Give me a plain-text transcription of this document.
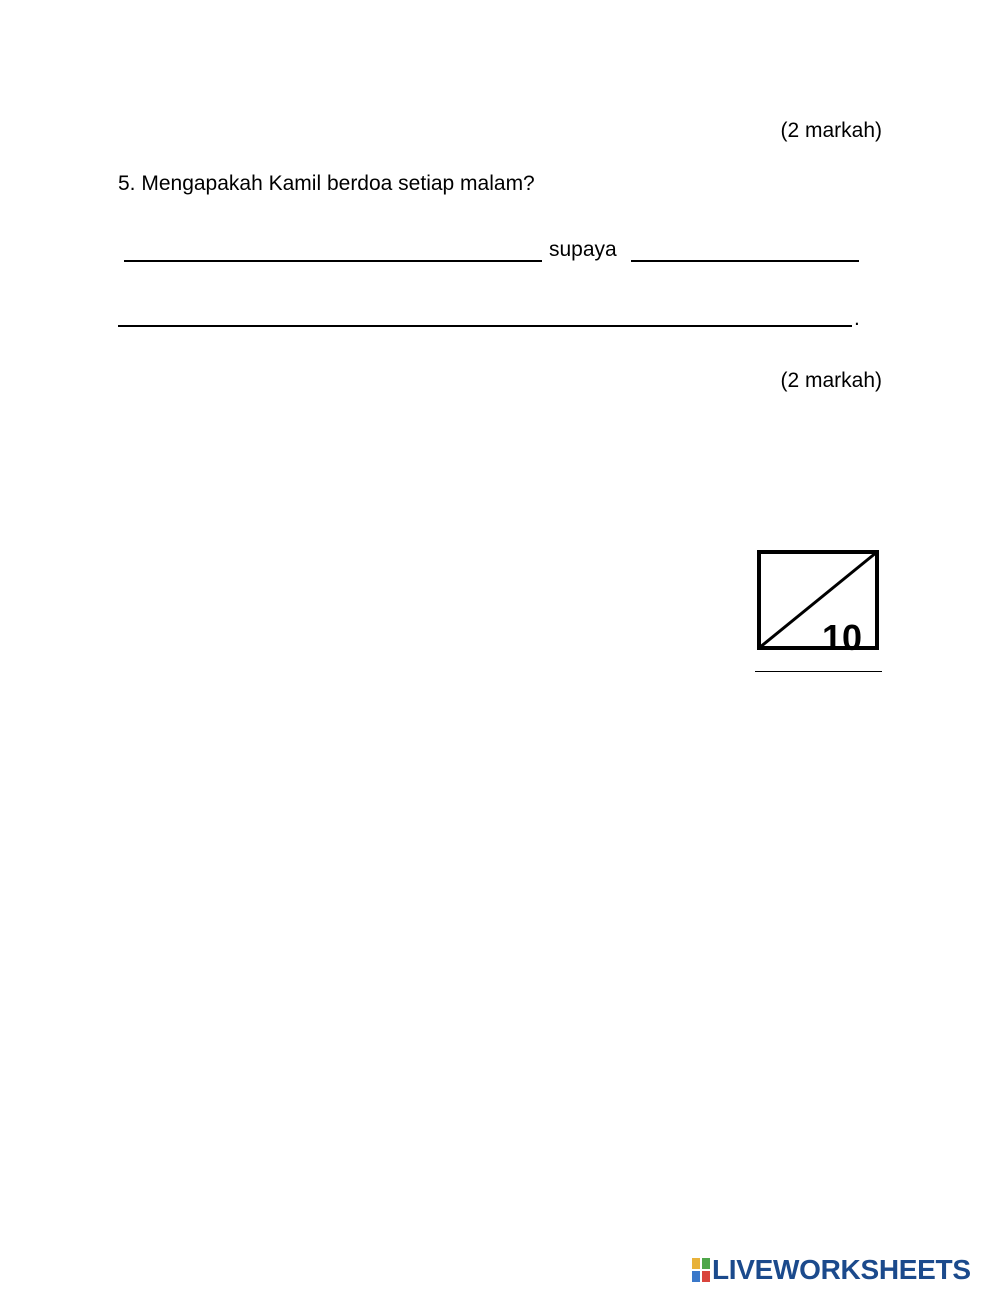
(2 markah)
5. Mengapakah Kamil berdoa setiap malam?
supaya
.
(2 markah)
10
LIVEWORKSHEETS
